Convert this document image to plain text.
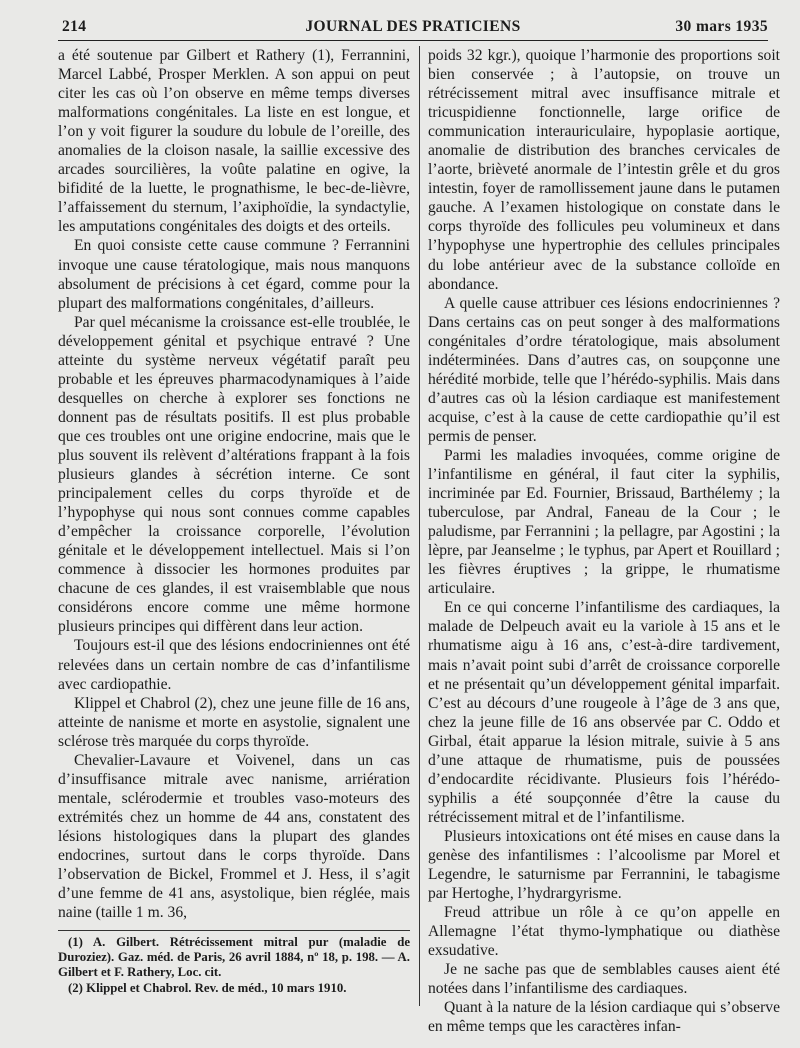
214	JOURNAL DES PRATICIENS	30 mars 1935

a été soutenue par Gilbert et Rathery (1), Ferrannini, Marcel Labbé, Prosper Merklen. A son appui on peut citer les cas où l’on observe en même temps diverses malformations congénitales. La liste en est longue, et l’on y voit figurer la soudure du lobule de l’oreille, des anomalies de la cloison nasale, la saillie excessive des arcades sourcilières, la voûte palatine en ogive, la bifidité de la luette, le prognathisme, le bec-de-lièvre, l’affaissement du sternum, l’axiphoïdie, la syndactylie, les amputations congénitales des doigts et des orteils.

En quoi consiste cette cause commune ? Ferrannini invoque une cause tératologique, mais nous manquons absolument de précisions à cet égard, comme pour la plupart des malformations congénitales, d’ailleurs.

Par quel mécanisme la croissance est-elle troublée, le développement génital et psychique entravé ? Une atteinte du système nerveux végétatif paraît peu probable et les épreuves pharmacodynamiques à l’aide desquelles on cherche à explorer ses fonctions ne donnent pas de résultats positifs. Il est plus probable que ces troubles ont une origine endocrine, mais que le plus souvent ils relèvent d’altérations frappant à la fois plusieurs glandes à sécrétion interne. Ce sont principalement celles du corps thyroïde et de l’hypophyse qui nous sont connues comme capables d’empêcher la croissance corporelle, l’évolution génitale et le développement intellectuel. Mais si l’on commence à dissocier les hormones produites par chacune de ces glandes, il est vraisemblable que nous considérons encore comme une même hormone plusieurs principes qui diffèrent dans leur action.

Toujours est-il que des lésions endocriniennes ont été relevées dans un certain nombre de cas d’infantilisme avec cardiopathie.

Klippel et Chabrol (2), chez une jeune fille de 16 ans, atteinte de nanisme et morte en asystolie, signalent une sclérose très marquée du corps thyroïde.

Chevalier-Lavaure et Voivenel, dans un cas d’insuffisance mitrale avec nanisme, arriération mentale, sclérodermie et troubles vaso-moteurs des extrémités chez un homme de 44 ans, constatent des lésions histologiques dans la plupart des glandes endocrines, surtout dans le corps thyroïde. Dans l’observation de Bickel, Frommel et J. Hess, il s’agit d’une femme de 41 ans, asystolique, bien réglée, mais naine (taille 1 m. 36,

poids 32 kgr.), quoique l’harmonie des proportions soit bien conservée ; à l’autopsie, on trouve un rétrécissement mitral avec insuffisance mitrale et tricuspidienne fonctionnelle, large orifice de communication interauriculaire, hypoplasie aortique, anomalie de distribution des branches cervicales de l’aorte, brièveté anormale de l’intestin grêle et du gros intestin, foyer de ramollissement jaune dans le putamen gauche. A l’examen histologique on constate dans le corps thyroïde des follicules peu volumineux et dans l’hypophyse une hypertrophie des cellules principales du lobe antérieur avec de la substance colloïde en abondance.

A quelle cause attribuer ces lésions endocriniennes ? Dans certains cas on peut songer à des malformations congénitales d’ordre tératologique, mais absolument indéterminées. Dans d’autres cas, on soupçonne une hérédité morbide, telle que l’hérédo-syphilis. Mais dans d’autres cas où la lésion cardiaque est manifestement acquise, c’est à la cause de cette cardiopathie qu’il est permis de penser.

Parmi les maladies invoquées, comme origine de l’infantilisme en général, il faut citer la syphilis, incriminée par Ed. Fournier, Brissaud, Barthélemy ; la tuberculose, par Andral, Faneau de la Cour ; le paludisme, par Ferrannini ; la pellagre, par Agostini ; la lèpre, par Jeanselme ; le typhus, par Apert et Rouillard ; les fièvres éruptives ; la grippe, le rhumatisme articulaire.

En ce qui concerne l’infantilisme des cardiaques, la malade de Delpeuch avait eu la variole à 15 ans et le rhumatisme aigu à 16 ans, c’est-à-dire tardivement, mais n’avait point subi d’arrêt de croissance corporelle et ne présentait qu’un développement génital imparfait. C’est au décours d’une rougeole à l’âge de 3 ans que, chez la jeune fille de 16 ans observée par C. Oddo et Girbal, était apparue la lésion mitrale, suivie à 5 ans d’une attaque de rhumatisme, puis de poussées d’endocardite récidivante. Plusieurs fois l’hérédo-syphilis a été soupçonnée d’être la cause du rétrécissement mitral et de l’infantilisme.

Plusieurs intoxications ont été mises en cause dans la genèse des infantilismes : l’alcoolisme par Morel et Legendre, le saturnisme par Ferrannini, le tabagisme par Hertoghe, l’hydrargyrisme.

Freud attribue un rôle à ce qu’on appelle en Allemagne l’état thymo-lymphatique ou diathèse exsudative.

Je ne sache pas que de semblables causes aient été notées dans l’infantilisme des cardiaques.

Quant à la nature de la lésion cardiaque qui s’observe en même temps que les caractères infan-

(1) A. Gilbert. Rétrécissement mitral pur (maladie de Duroziez). Gaz. méd. de Paris, 26 avril 1884, nº 18, p. 198. — A. Gilbert et F. Rathery, Loc. cit.

(2) Klippel et Chabrol. Rev. de méd., 10 mars 1910.
